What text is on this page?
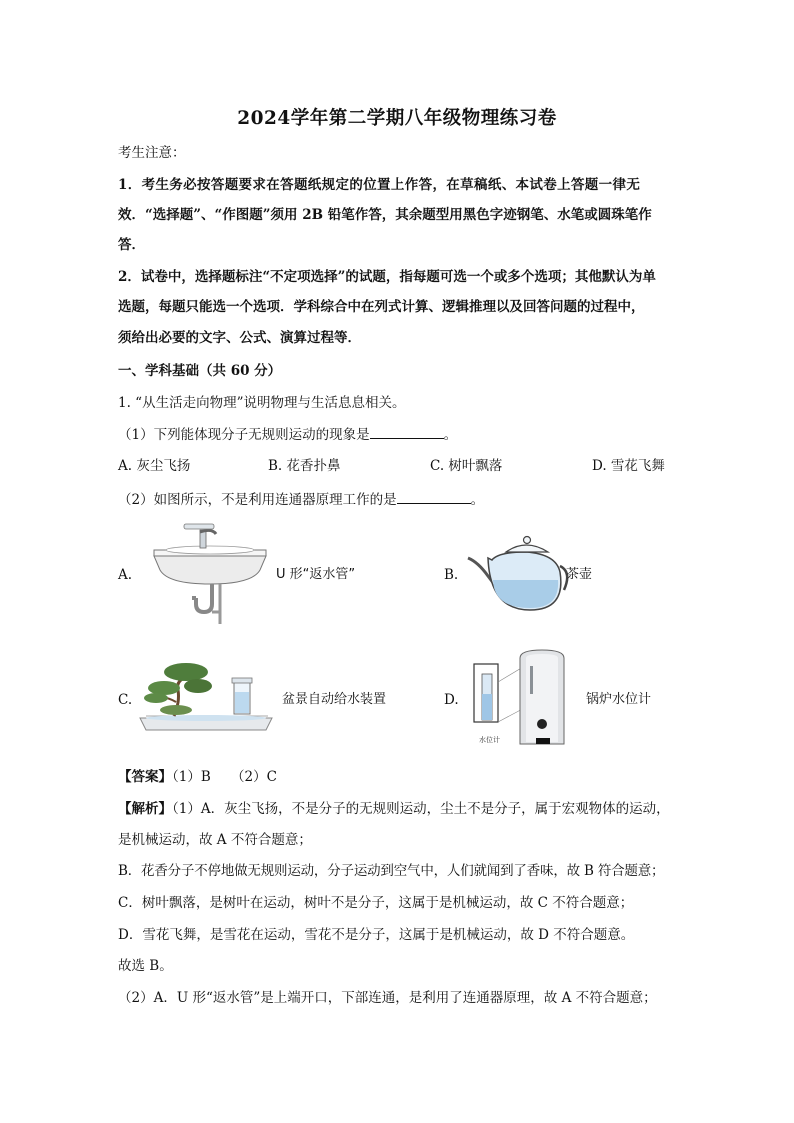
2024学年第二学期八年级物理练习卷
考生注意：
1．考生务必按答题要求在答题纸规定的位置上作答，在草稿纸、本试卷上答题一律无
效．“选择题”、“作图题”须用 2B 铅笔作答，其余题型用黑色字迹钢笔、水笔或圆珠笔作
答．
2．试卷中，选择题标注“不定项选择”的试题，指每题可选一个或多个选项；其他默认为单
选题，每题只能选一个选项．学科综合中在列式计算、逻辑推理以及回答问题的过程中，
须给出必要的文字、公式、演算过程等．
一、学科基础（共 60 分）
1. “从生活走向物理”说明物理与生活息息相关。
（1）下列能体现分子无规则运动的现象是	。
A. 灰尘飞扬	B. 花香扑鼻	C. 树叶飘落	D. 雪花飞舞
（2）如图所示，不是利用连通器原理工作的是	。
A.	U 形“返水管”	B.	茶壶
C.	盆景自动给水装置	D.
水位计
锅炉水位计
【答案】（1）B　　（2）C
【解析】（1）A．灰尘飞扬，不是分子的无规则运动，尘土不是分子，属于宏观物体的运动，
是机械运动，故 A 不符合题意；
B．花香分子不停地做无规则运动，分子运动到空气中，人们就闻到了香味，故 B 符合题意；
C．树叶飘落，是树叶在运动，树叶不是分子，这属于是机械运动，故 C 不符合题意；
D．雪花飞舞，是雪花在运动，雪花不是分子，这属于是机械运动，故 D 不符合题意。
故选 B。
（2）A．U 形“返水管”是上端开口，下部连通，是利用了连通器原理，故 A 不符合题意；
